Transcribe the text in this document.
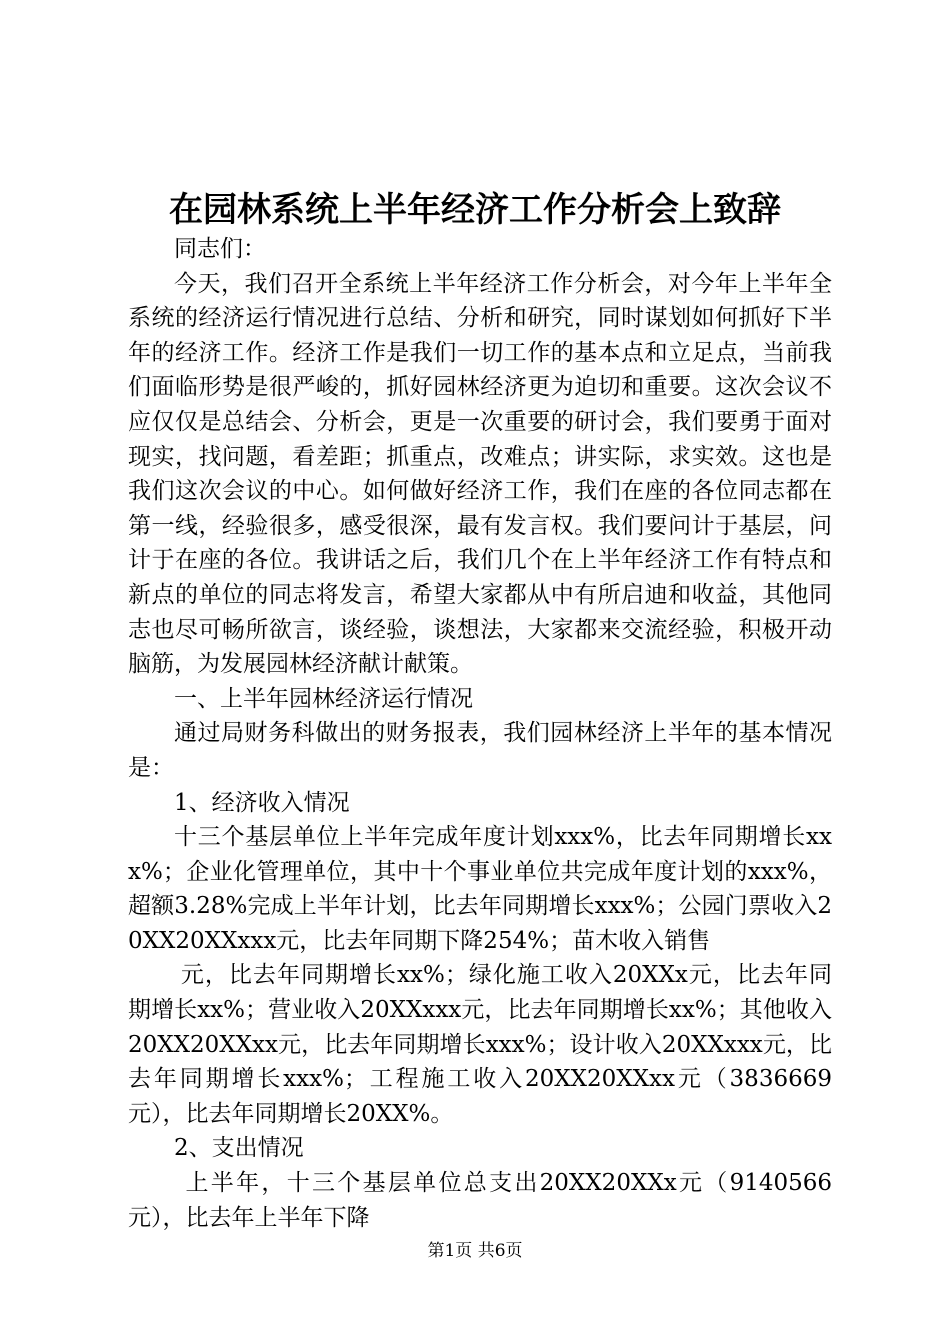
在园林系统上半年经济工作分析会上致辞

同志们：

今天，我们召开全系统上半年经济工作分析会，对今年上半年全系统的经济运行情况进行总结、分析和研究，同时谋划如何抓好下半年的经济工作。经济工作是我们一切工作的基本点和立足点，当前我们面临形势是很严峻的，抓好园林经济更为迫切和重要。这次会议不应仅仅是总结会、分析会，更是一次重要的研讨会，我们要勇于面对现实，找问题，看差距；抓重点，改难点；讲实际，求实效。这也是我们这次会议的中心。如何做好经济工作，我们在座的各位同志都在第一线，经验很多，感受很深，最有发言权。我们要问计于基层，问计于在座的各位。我讲话之后，我们几个在上半年经济工作有特点和新点的单位的同志将发言，希望大家都从中有所启迪和收益，其他同志也尽可畅所欲言，谈经验，谈想法，大家都来交流经验，积极开动脑筋，为发展园林经济献计献策。

一、上半年园林经济运行情况

通过局财务科做出的财务报表，我们园林经济上半年的基本情况是：

1、经济收入情况

十三个基层单位上半年完成年度计划xxx%，比去年同期增长xxx%；企业化管理单位，其中十个事业单位共完成年度计划的xxx%，超额3.28%完成上半年计划，比去年同期增长xxx%；公园门票收入20XX20XXxxx元，比去年同期下降254%；苗木收入销售

元，比去年同期增长xx%；绿化施工收入20XXx元，比去年同期增长xx%；营业收入20XXxxx元，比去年同期增长xx%；其他收入20XX20XXxx元，比去年同期增长xxx%；设计收入20XXxxx元，比去年同期增长xxx%；工程施工收入20XX20XXxx元（3836669元），比去年同期增长20XX%。

2、支出情况

上半年，十三个基层单位总支出20XX20XXx元（9140566元），比去年上半年下降

第1页 共6页
